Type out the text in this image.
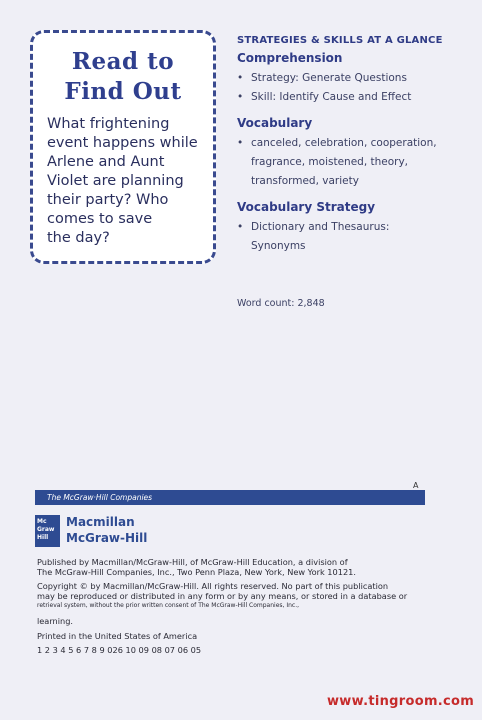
Read to
Find Out
What frightening
event happens while
Arlene and Aunt
Violet are planning
their party? Who
comes to save
the day?
STRATEGIES & SKILLS AT A GLANCE
Comprehension
• Strategy: Generate Questions
• Skill: Identify Cause and Effect
Vocabulary
• canceled, celebration, cooperation,
fragrance, moistened, theory,
transformed, variety
Vocabulary Strategy
• Dictionary and Thesaurus:
Synonyms
Word count: 2,848
A
The McGraw·Hill Companies
Mc
Graw
Hill
Macmillan
McGraw-Hill
Published by Macmillan/McGraw-Hill, of McGraw-Hill Education, a division of
The McGraw-Hill Companies, Inc., Two Penn Plaza, New York, New York 10121.
Copyright © by Macmillan/McGraw-Hill. All rights reserved. No part of this publication
may be reproduced or distributed in any form or by any means, or stored in a database or
retrieval system, without the prior written consent of The McGraw-Hill Companies, Inc.,
learning.
Printed in the United States of America
1 2 3 4 5 6 7 8 9 026 10 09 08 07 06 05
www.tingroom.com
